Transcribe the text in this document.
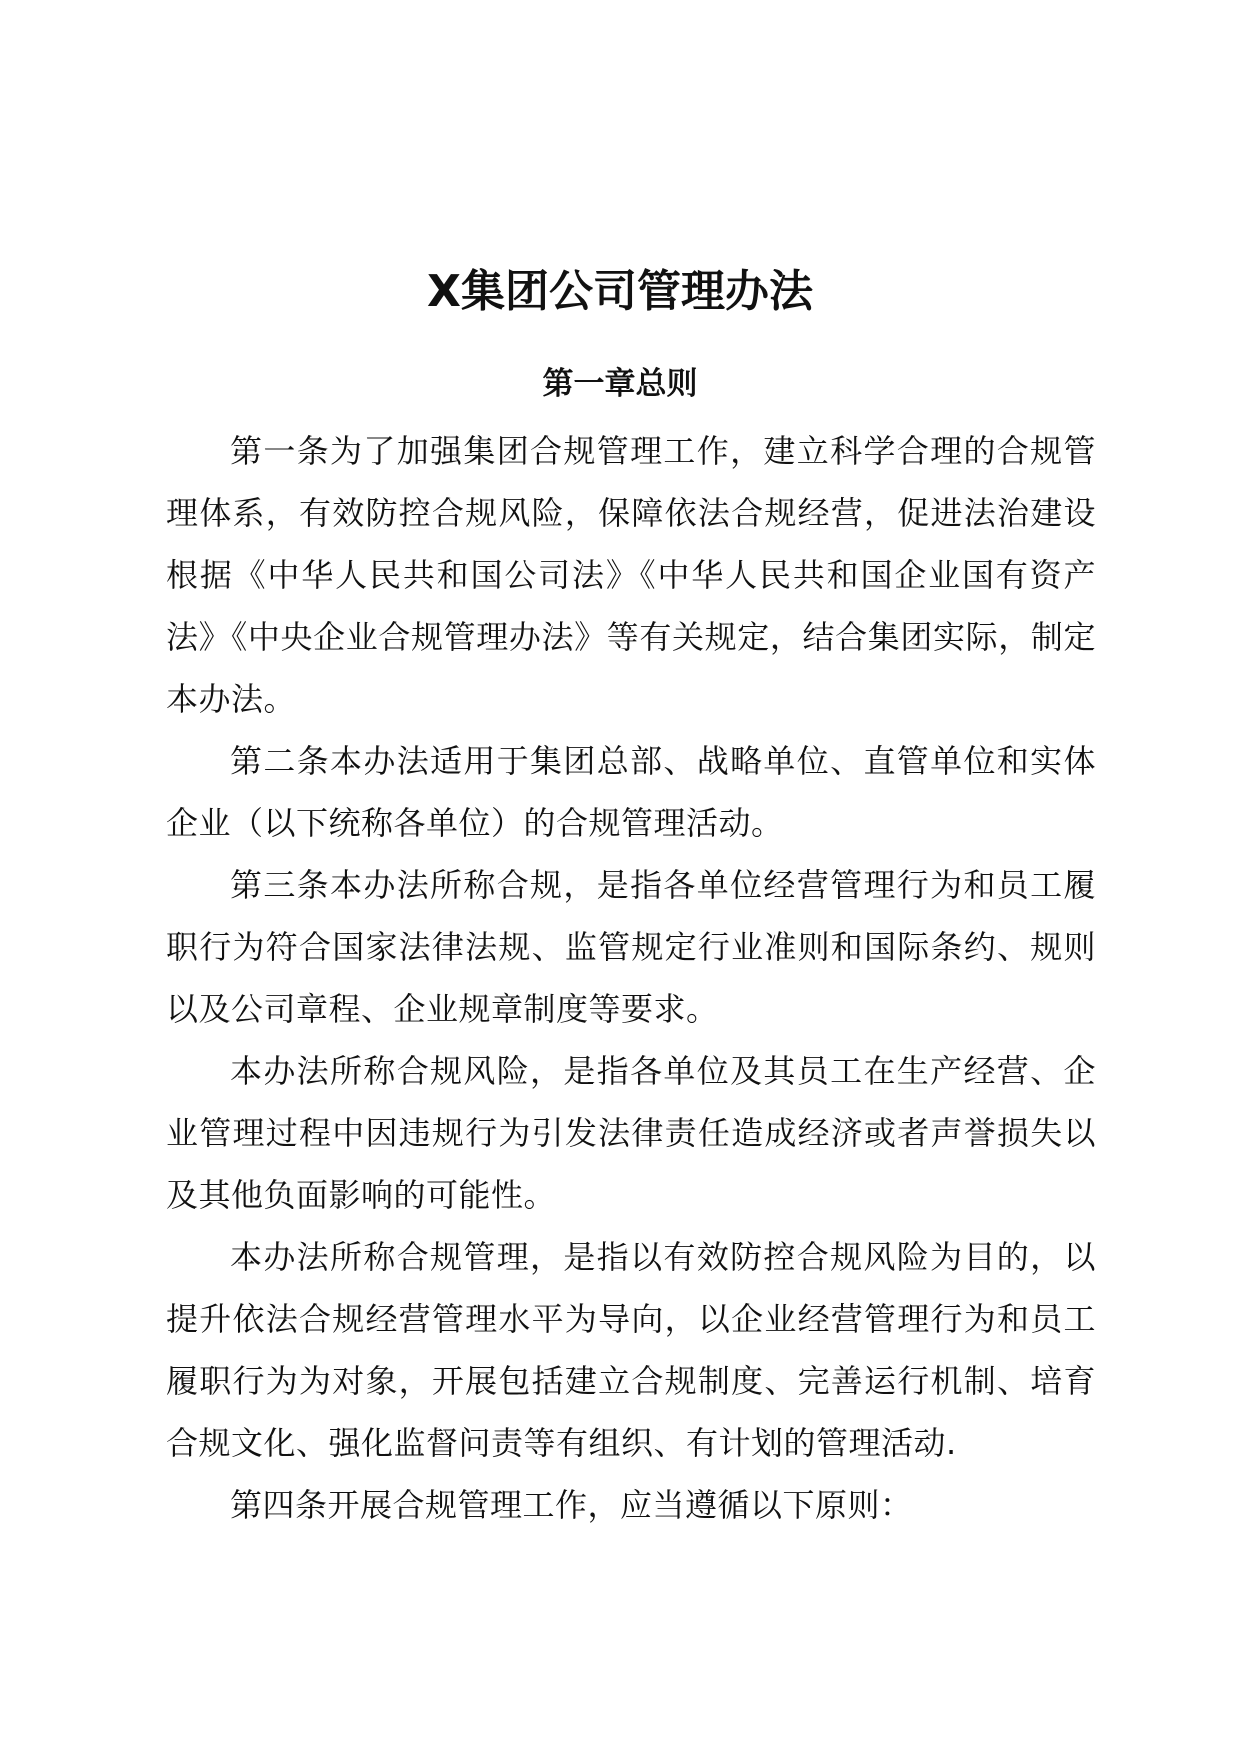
X集团公司管理办法
第一章总则

第一条为了加强集团合规管理工作，建立科学合理的合规管理体系，有效防控合规风险，保障依法合规经营，促进法治建设根据《中华人民共和国公司法》《中华人民共和国企业国有资产法》《中央企业合规管理办法》等有关规定，结合集团实际，制定本办法。

第二条本办法适用于集团总部、战略单位、直管单位和实体企业（以下统称各单位）的合规管理活动。

第三条本办法所称合规，是指各单位经营管理行为和员工履职行为符合国家法律法规、监管规定行业准则和国际条约、规则以及公司章程、企业规章制度等要求。

本办法所称合规风险，是指各单位及其员工在生产经营、企业管理过程中因违规行为引发法律责任造成经济或者声誉损失以及其他负面影响的可能性。

本办法所称合规管理，是指以有效防控合规风险为目的，以提升依法合规经营管理水平为导向，以企业经营管理行为和员工履职行为为对象，开展包括建立合规制度、完善运行机制、培育合规文化、强化监督问责等有组织、有计划的管理活动.

第四条开展合规管理工作，应当遵循以下原则：
